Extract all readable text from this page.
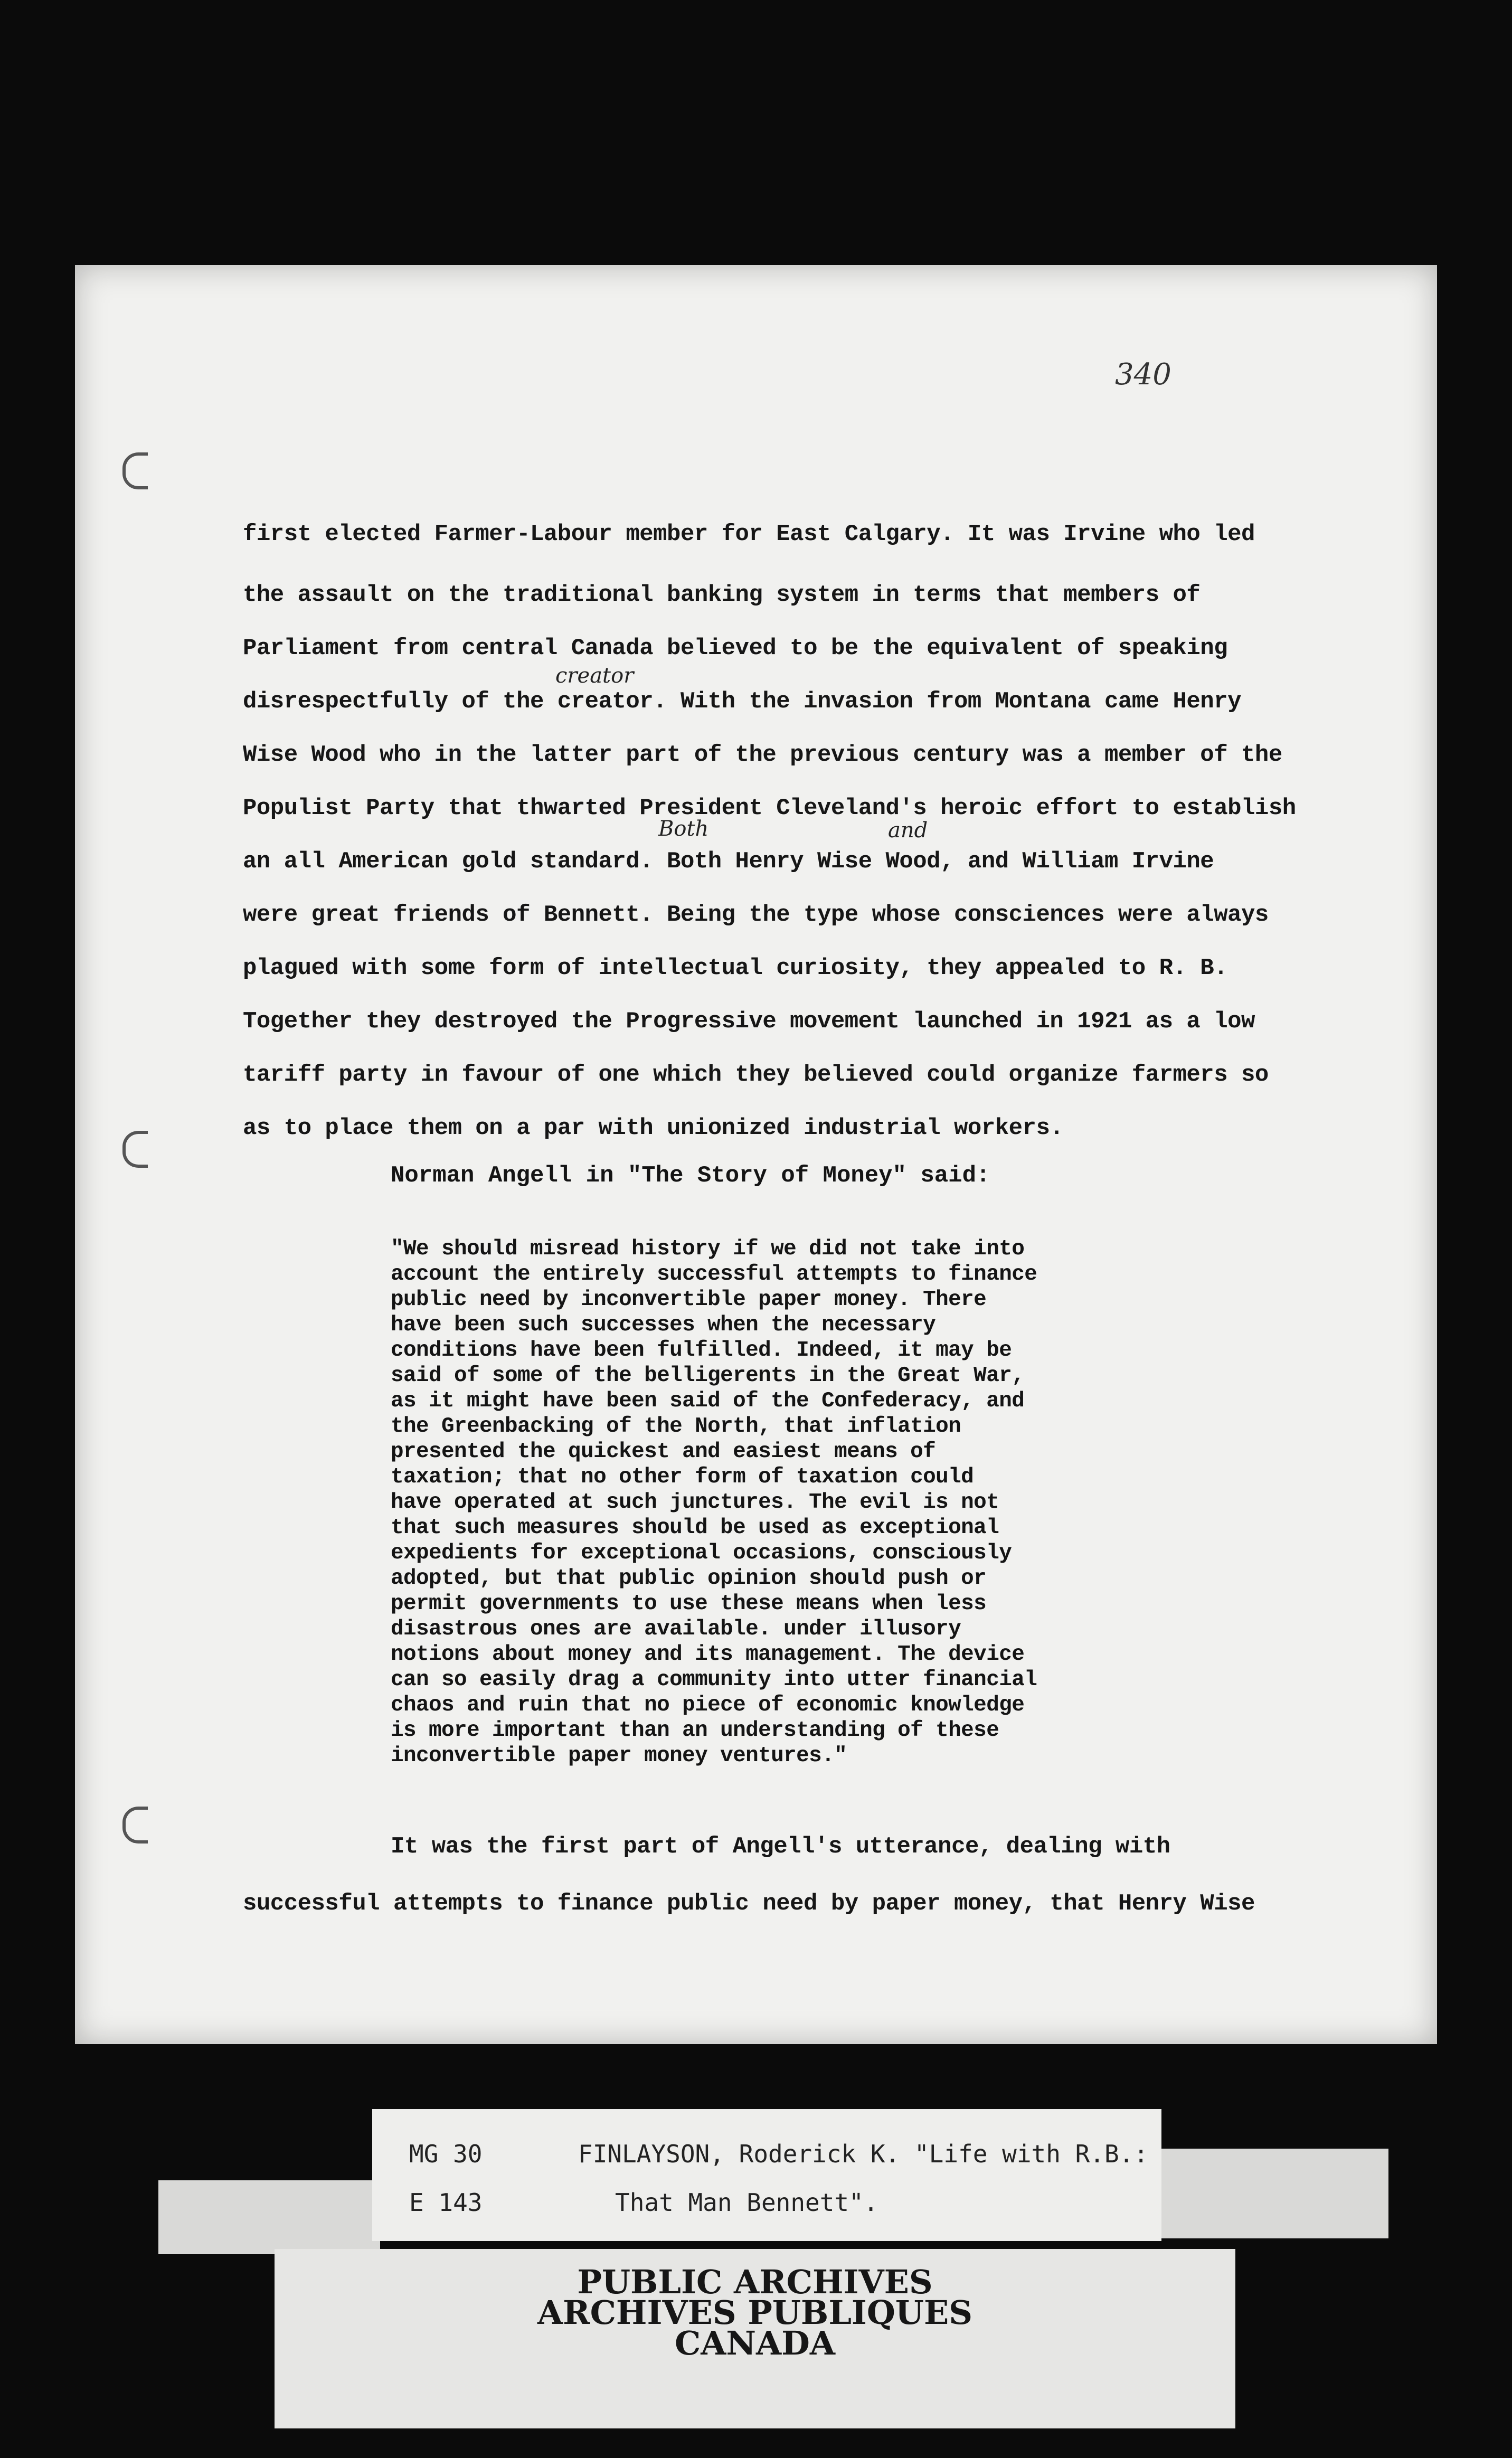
340
creator
Both	and
first elected Farmer-Labour member for East Calgary. It was Irvine who led
the assault on the traditional banking system in terms that members of
Parliament from central Canada believed to be the equivalent of speaking
disrespectfully of the creator. With the invasion from Montana came Henry
Wise Wood who in the latter part of the previous century was a member of the
Populist Party that thwarted President Cleveland's heroic effort to establish
an all American gold standard. Both Henry Wise Wood, and William Irvine
were great friends of Bennett. Being the type whose consciences were always
plagued with some form of intellectual curiosity, they appealed to R. B.
Together they destroyed the Progressive movement launched in 1921 as a low
tariff party in favour of one which they believed could organize farmers so
as to place them on a par with unionized industrial workers.
Norman Angell in "The Story of Money" said:
"We should misread history if we did not take into
account the entirely successful attempts to finance
public need by inconvertible paper money. There
have been such successes when the necessary
conditions have been fulfilled. Indeed, it may be
said of some of the belligerents in the Great War,
as it might have been said of the Confederacy, and
the Greenbacking of the North, that inflation
presented the quickest and easiest means of
taxation; that no other form of taxation could
have operated at such junctures. The evil is not
that such measures should be used as exceptional
expedients for exceptional occasions, consciously
adopted, but that public opinion should push or
permit governments to use these means when less
disastrous ones are available. under illusory
notions about money and its management. The device
can so easily drag a community into utter financial
chaos and ruin that no piece of economic knowledge
is more important than an understanding of these
inconvertible paper money ventures."
It was the first part of Angell's utterance, dealing with
successful attempts to finance public need by paper money, that Henry Wise
MG 30
E 143
FINLAYSON, Roderick K. "Life with R.B.:
That Man Bennett".
PUBLIC ARCHIVES
ARCHIVES PUBLIQUES
CANADA
